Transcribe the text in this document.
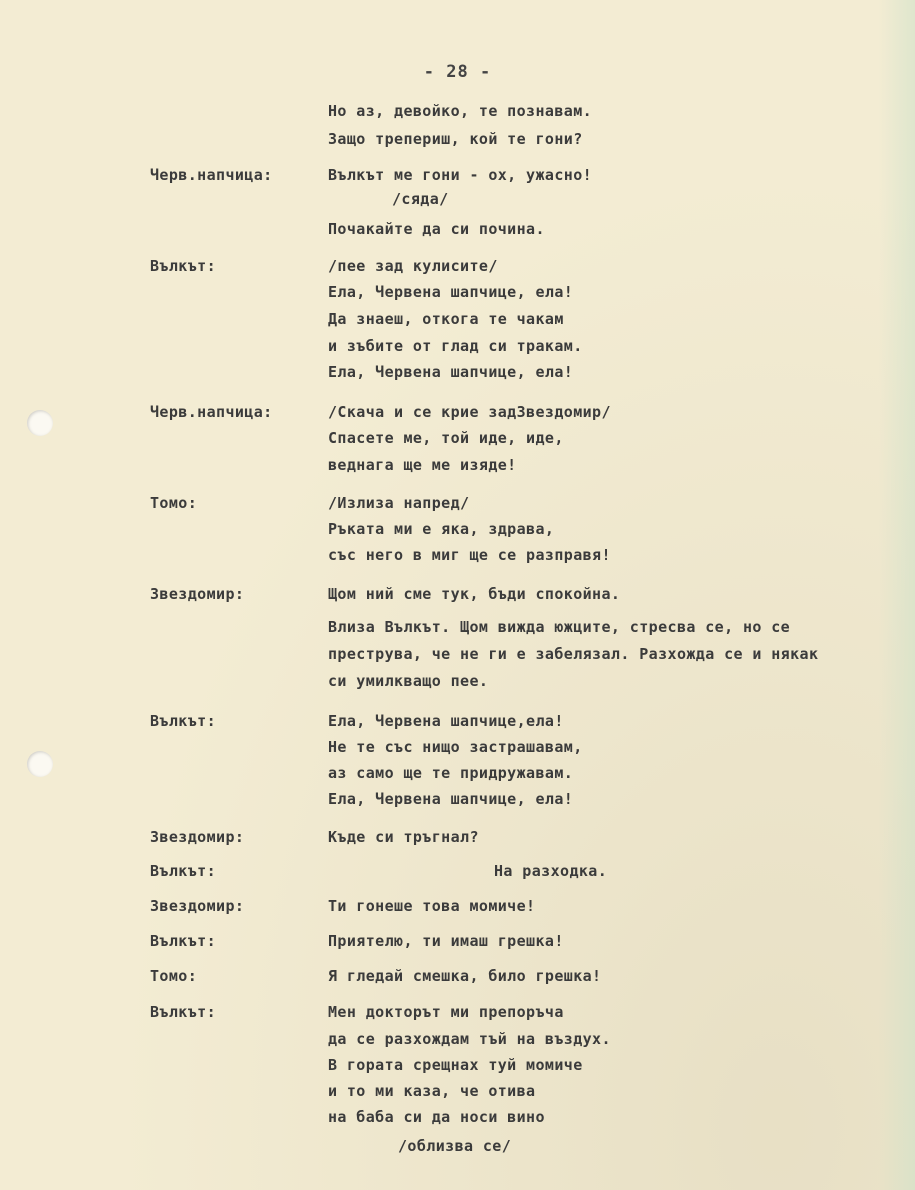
- 28 -
Но аз, девойко, те познавам.
Защо трепериш, кой те гони?
Черв.напчица:	Вълкът ме гони - ох, ужасно!
/сяда/
Почакайте да си почина.
Вълкът:	/пее зад кулисите/
Ела, Червена шапчице, ела!
Да знаеш, откога те чакам
и зъбите от глад си тракам.
Ела, Червена шапчице, ела!
Черв.напчица:	/Скача и се крие задЗвездомир/
Спасете ме, той иде, иде,
веднага ще ме изяде!
Томо:	/Излиза напред/
Ръката ми е яка, здрава,
със него в миг ще се разправя!
Звездомир:	Щом ний сме тук, бъди спокойна.
Влиза Вълкът. Щом вижда южците, стресва се, но се
преструва, че не ги е забелязал. Разхожда се и някак
си умилкващо пее.
Вълкът:	Ела, Червена шапчице,ела!
Не те със нищо застрашавам,
аз само ще те придружавам.
Ела, Червена шапчице, ела!
Звездомир:	Къде си тръгнал?
Вълкът:	На разходка.
Звездомир:	Ти гонеше това момиче!
Вълкът:	Приятелю, ти имаш грешка!
Томо:	Я гледай смешка, било грешка!
Вълкът:	Мен докторът ми препоръча
да се разхождам тъй на въздух.
В гората срещнах туй момиче
и то ми каза, че отива
на баба си да носи вино
/облизва се/
